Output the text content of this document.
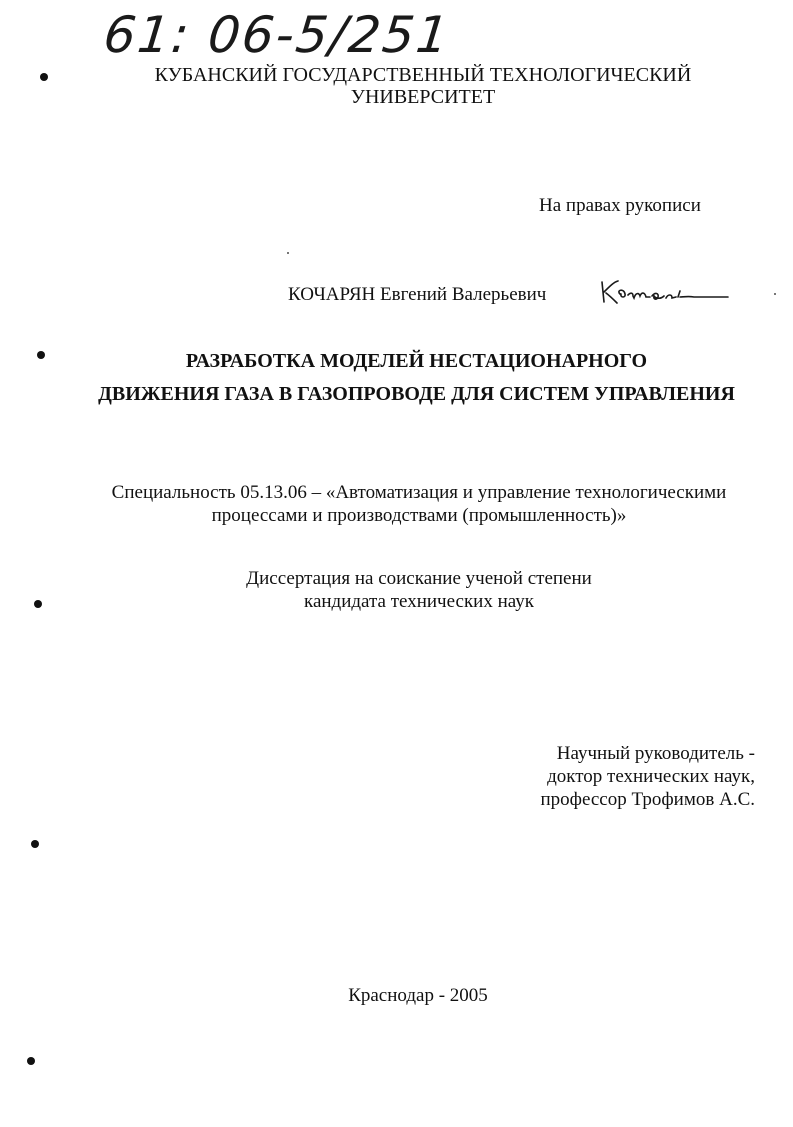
61: 06-5/251
КУБАНСКИЙ ГОСУДАРСТВЕННЫЙ ТЕХНОЛОГИЧЕСКИЙ
УНИВЕРСИТЕТ
На правах рукописи
КОЧАРЯН Евгений Валерьевич
РАЗРАБОТКА МОДЕЛЕЙ НЕСТАЦИОНАРНОГО
ДВИЖЕНИЯ ГАЗА В ГАЗОПРОВОДЕ ДЛЯ СИСТЕМ УПРАВЛЕНИЯ
Специальность 05.13.06 – «Автоматизация и управление технологическими
процессами и производствами (промышленность)»
Диссертация на соискание ученой степени
кандидата технических наук
Научный руководитель -
доктор технических наук,
профессор Трофимов А.С.
Краснодар - 2005
